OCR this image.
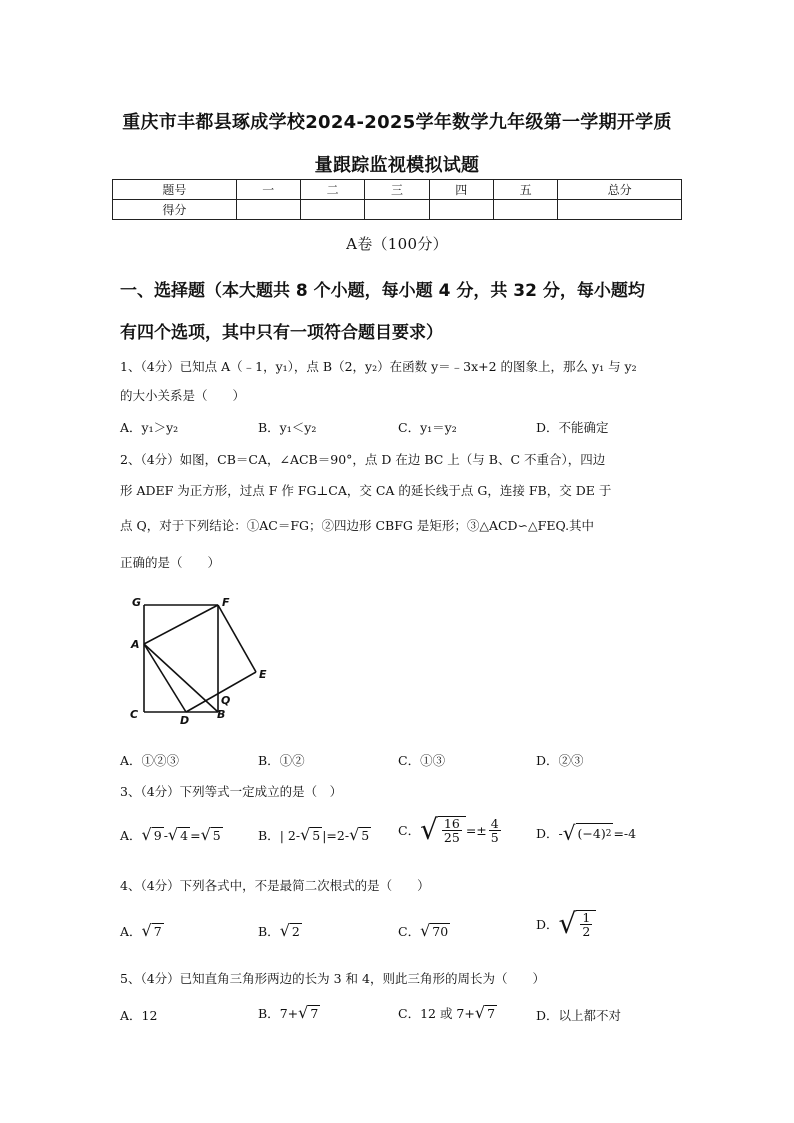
重庆市丰都县琢成学校2024-2025学年数学九年级第一学期开学质
量跟踪监视模拟试题
题号	一	二	三	四	五	总分
得分						
A卷（100分）
一、选择题（本大题共 8 个小题，每小题 4 分，共 32 分，每小题均
有四个选项，其中只有一项符合题目要求）
1、（4分）已知点 A（﹣1，y₁），点 B（2，y₂）在函数 y＝﹣3x+2 的图象上，那么 y₁ 与 y₂
的大小关系是（　　）
A．y₁＞y₂	B．y₁＜y₂	C．y₁＝y₂	D．不能确定
2、（4分）如图，CB＝CA，∠ACB＝90°，点 D 在边 BC 上（与 B、C 不重合），四边
形 ADEF 为正方形，过点 F 作 FG⊥CA，交 CA 的延长线于点 G，连接 FB，交 DE 于
点 Q，对于下列结论：①AC＝FG；②四边形 CBFG 是矩形；③△ACD∽△FEQ.其中
正确的是（　　）
G	F
A
E
Q
C	D	B
A．①②③	B．①②	C．①③	D．②③
3、（4分）下列等式一定成立的是（　）
A． √ 9 - √ 4 = √ 5	B． | 2- √ 5 |=2- √ 5 C． √ $\frac{16}{25} =\pm \frac{4}{5}$	D． - √ (−4) 2 =-4
4、（4分）下列各式中，不是最简二次根式的是（　　）
A． √ 7	B． √ 2	C． √ 70	D． √ $\frac{1}{2}$
5、（4分）已知直角三角形两边的长为 3 和 4，则此三角形的周长为（　　）
A．12	B． 7+ √ 7	C． 12 或 7+ √ 7	D．以上都不对
